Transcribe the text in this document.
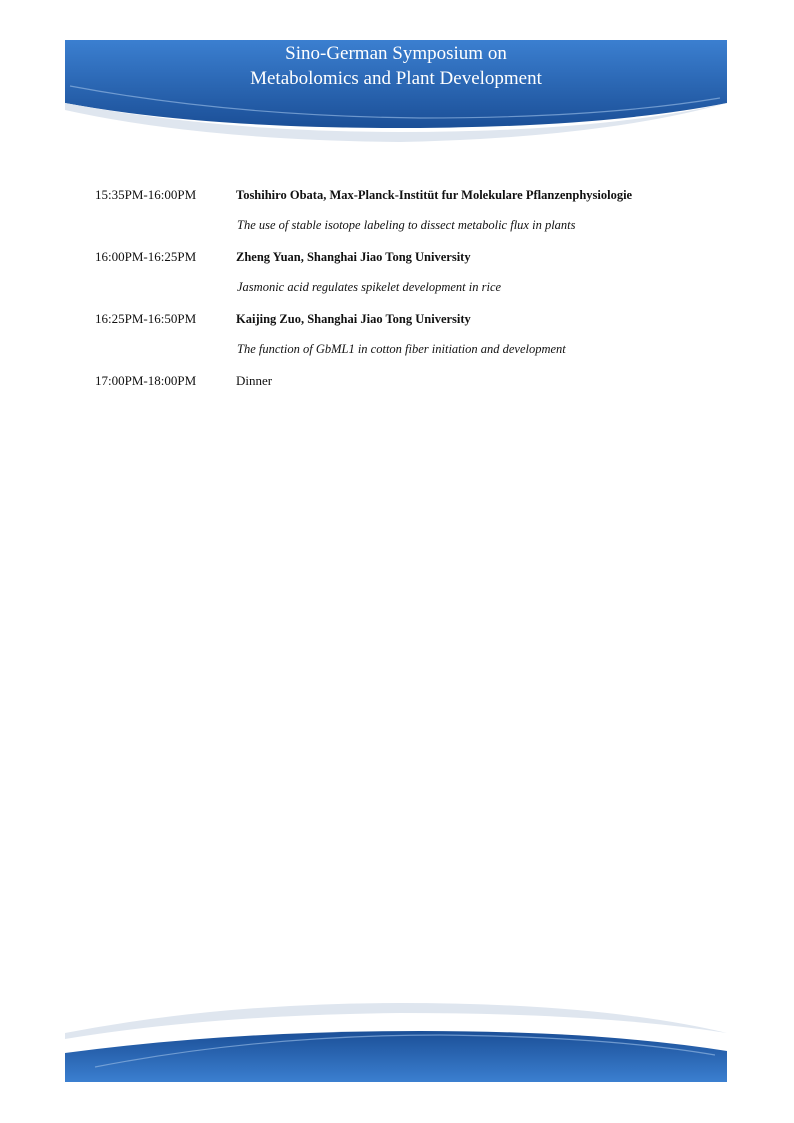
Sino-German Symposium on
Metabolomics and Plant Development
15:35PM-16:00PM	Toshihiro Obata, Max-Planck-Institüt fur Molekulare Pflanzenphysiologie
The use of stable isotope labeling to dissect metabolic flux in plants
16:00PM-16:25PM	Zheng Yuan, Shanghai Jiao Tong University
Jasmonic acid regulates spikelet development in rice
16:25PM-16:50PM	Kaijing Zuo, Shanghai Jiao Tong University
The function of GbML1 in cotton fiber initiation and development
17:00PM-18:00PM	Dinner
